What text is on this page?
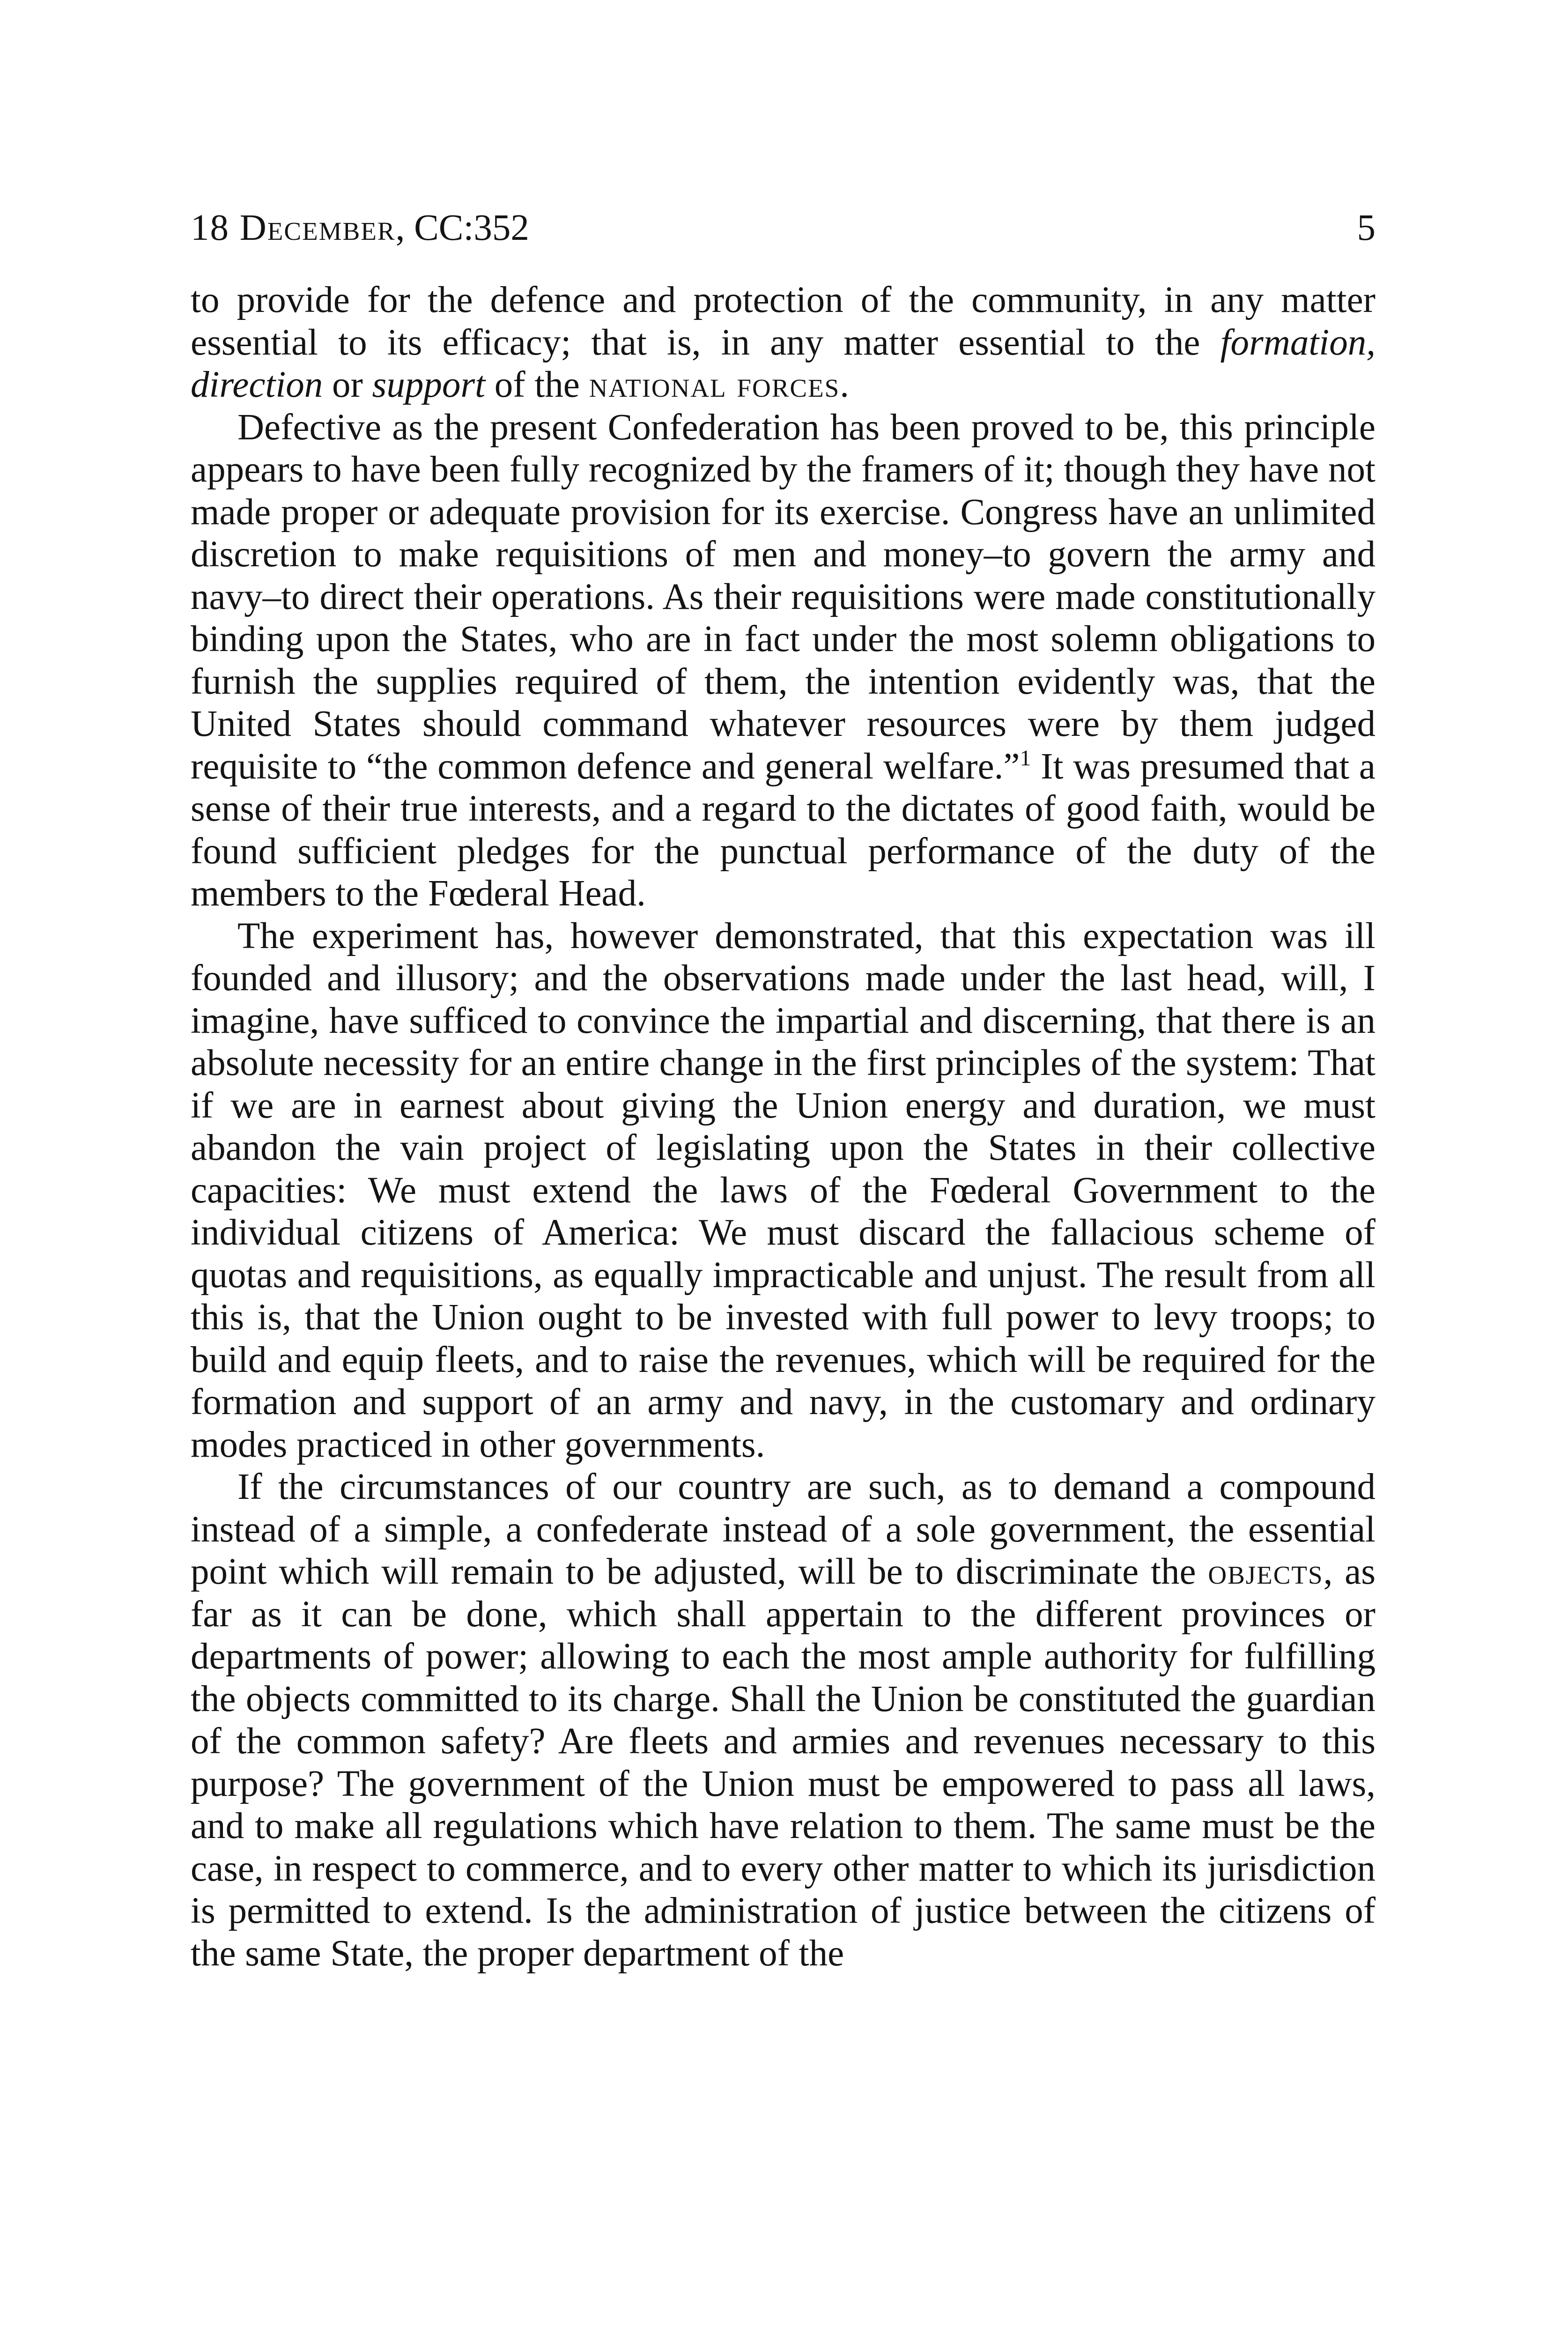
18 December, CC:352	5

to provide for the defence and protection of the community, in any matter essential to its efficacy; that is, in any matter essential to the formation, direction or support of the national forces.

Defective as the present Confederation has been proved to be, this principle appears to have been fully recognized by the framers of it; though they have not made proper or adequate provision for its exercise. Congress have an unlimited discretion to make requisitions of men and money–to govern the army and navy–to direct their operations. As their requisitions were made constitutionally binding upon the States, who are in fact under the most solemn obligations to furnish the supplies required of them, the intention evidently was, that the United States should command whatever resources were by them judged requisite to “the common defence and general welfare.”$^1$ It was presumed that a sense of their true interests, and a regard to the dictates of good faith, would be found sufficient pledges for the punctual performance of the duty of the members to the Fœderal Head.

The experiment has, however demonstrated, that this expectation was ill founded and illusory; and the observations made under the last head, will, I imagine, have sufficed to convince the impartial and discerning, that there is an absolute necessity for an entire change in the first principles of the system: That if we are in earnest about giving the Union energy and duration, we must abandon the vain project of legislating upon the States in their collective capacities: We must extend the laws of the Fœderal Government to the individual citizens of America: We must discard the fallacious scheme of quotas and requisitions, as equally impracticable and unjust. The result from all this is, that the Union ought to be invested with full power to levy troops; to build and equip fleets, and to raise the revenues, which will be required for the formation and support of an army and navy, in the customary and ordinary modes practiced in other governments.

If the circumstances of our country are such, as to demand a compound instead of a simple, a confederate instead of a sole government, the essential point which will remain to be adjusted, will be to discriminate the objects, as far as it can be done, which shall appertain to the different provinces or departments of power; allowing to each the most ample authority for fulfilling the objects committed to its charge. Shall the Union be constituted the guardian of the common safety? Are fleets and armies and revenues necessary to this purpose? The government of the Union must be empowered to pass all laws, and to make all regulations which have relation to them. The same must be the case, in respect to commerce, and to every other matter to which its jurisdiction is permitted to extend. Is the administration of justice between the citizens of the same State, the proper department of the
